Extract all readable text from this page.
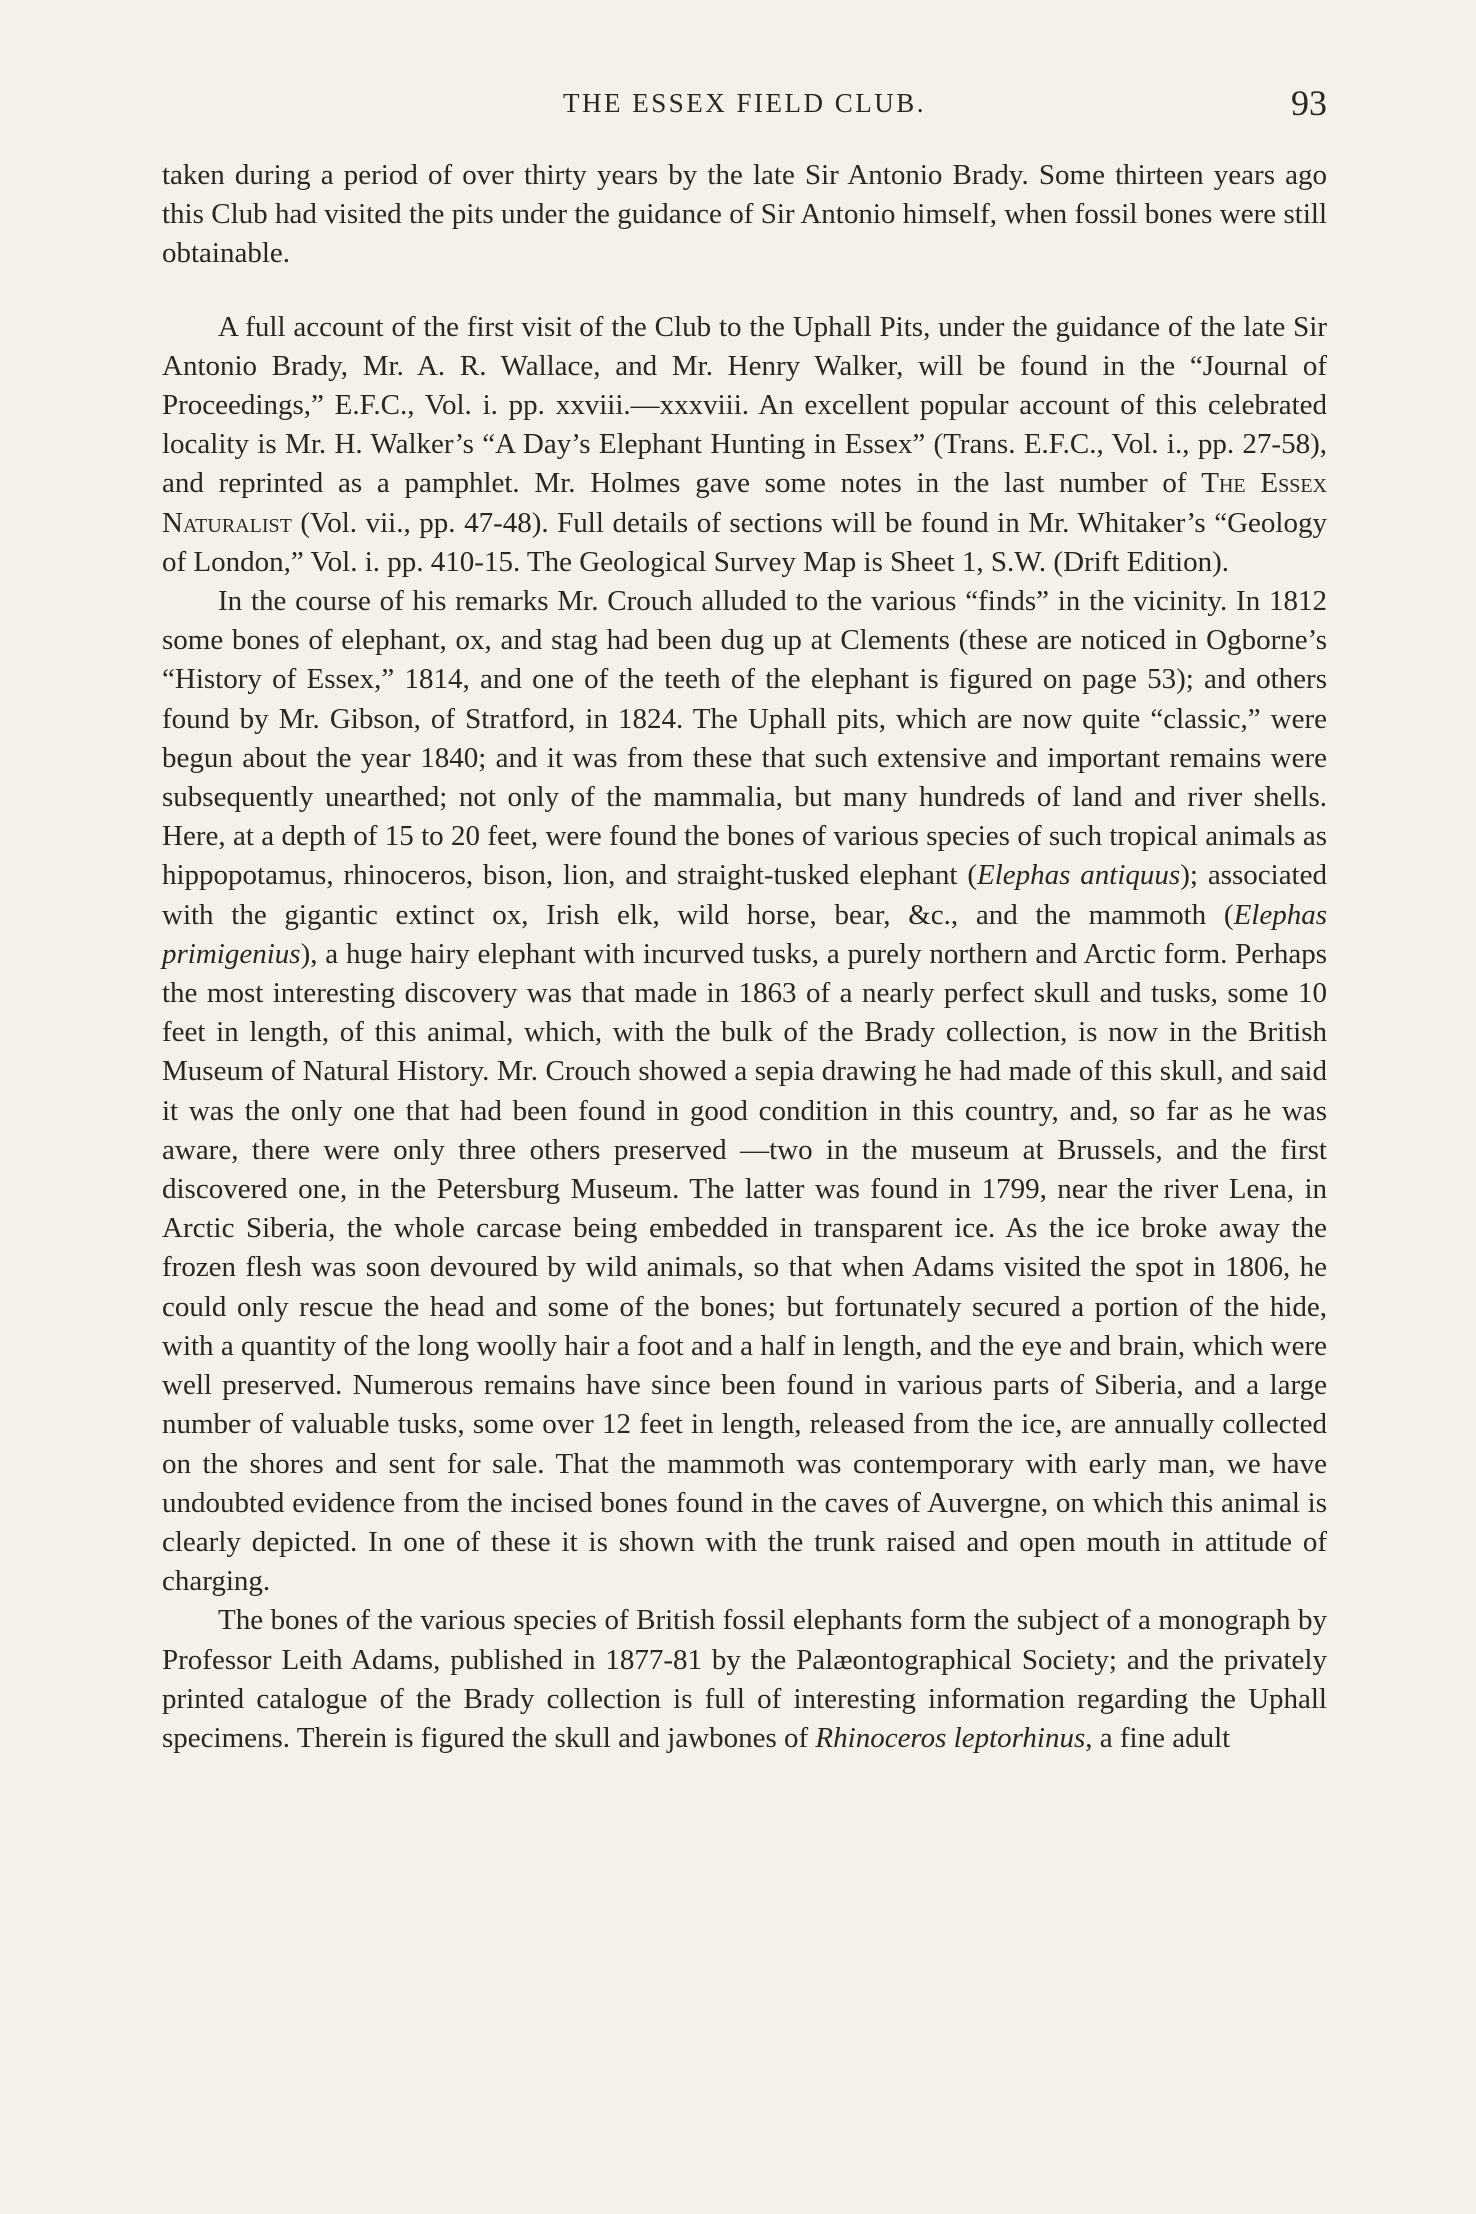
THE ESSEX FIELD CLUB.	93

taken during a period of over thirty years by the late Sir Antonio Brady. Some thirteen years ago this Club had visited the pits under the guidance of Sir Antonio himself, when fossil bones were still obtainable.

A full account of the first visit of the Club to the Uphall Pits, under the guidance of the late Sir Antonio Brady, Mr. A. R. Wallace, and Mr. Henry Walker, will be found in the “Journal of Proceedings,” E.F.C., Vol. i. pp. xxviii.—xxxviii. An excellent popular account of this celebrated locality is Mr. H. Walker’s “A Day’s Elephant Hunting in Essex” (Trans. E.F.C., Vol. i., pp. 27-58), and reprinted as a pamphlet. Mr. Holmes gave some notes in the last number of The Essex Naturalist (Vol. vii., pp. 47-48). Full details of sections will be found in Mr. Whitaker’s “Geology of London,” Vol. i. pp. 410-15. The Geological Survey Map is Sheet 1, S.W. (Drift Edition).

In the course of his remarks Mr. Crouch alluded to the various “finds” in the vicinity. In 1812 some bones of elephant, ox, and stag had been dug up at Clements (these are noticed in Ogborne’s “History of Essex,” 1814, and one of the teeth of the elephant is figured on page 53); and others found by Mr. Gibson, of Stratford, in 1824. The Uphall pits, which are now quite “classic,” were begun about the year 1840; and it was from these that such extensive and important remains were subsequently unearthed; not only of the mammalia, but many hundreds of land and river shells. Here, at a depth of 15 to 20 feet, were found the bones of various species of such tropical animals as hippopotamus, rhinoceros, bison, lion, and straight-tusked elephant (Elephas antiquus); associated with the gigantic extinct ox, Irish elk, wild horse, bear, &c., and the mammoth (Elephas primigenius), a huge hairy elephant with incurved tusks, a purely northern and Arctic form. Perhaps the most interesting discovery was that made in 1863 of a nearly perfect skull and tusks, some 10 feet in length, of this animal, which, with the bulk of the Brady collection, is now in the British Museum of Natural History. Mr. Crouch showed a sepia drawing he had made of this skull, and said it was the only one that had been found in good condition in this country, and, so far as he was aware, there were only three others preserved —two in the museum at Brussels, and the first discovered one, in the Petersburg Museum. The latter was found in 1799, near the river Lena, in Arctic Siberia, the whole carcase being embedded in transparent ice. As the ice broke away the frozen flesh was soon devoured by wild animals, so that when Adams visited the spot in 1806, he could only rescue the head and some of the bones; but fortunately secured a portion of the hide, with a quantity of the long woolly hair a foot and a half in length, and the eye and brain, which were well preserved. Numerous remains have since been found in various parts of Siberia, and a large number of valuable tusks, some over 12 feet in length, released from the ice, are annually collected on the shores and sent for sale. That the mammoth was contemporary with early man, we have undoubted evidence from the incised bones found in the caves of Auvergne, on which this animal is clearly depicted. In one of these it is shown with the trunk raised and open mouth in attitude of charging.

The bones of the various species of British fossil elephants form the subject of a monograph by Professor Leith Adams, published in 1877-81 by the Palæontographical Society; and the privately printed catalogue of the Brady collection is full of interesting information regarding the Uphall specimens. Therein is figured the skull and jawbones of Rhinoceros leptorhinus, a fine adult
